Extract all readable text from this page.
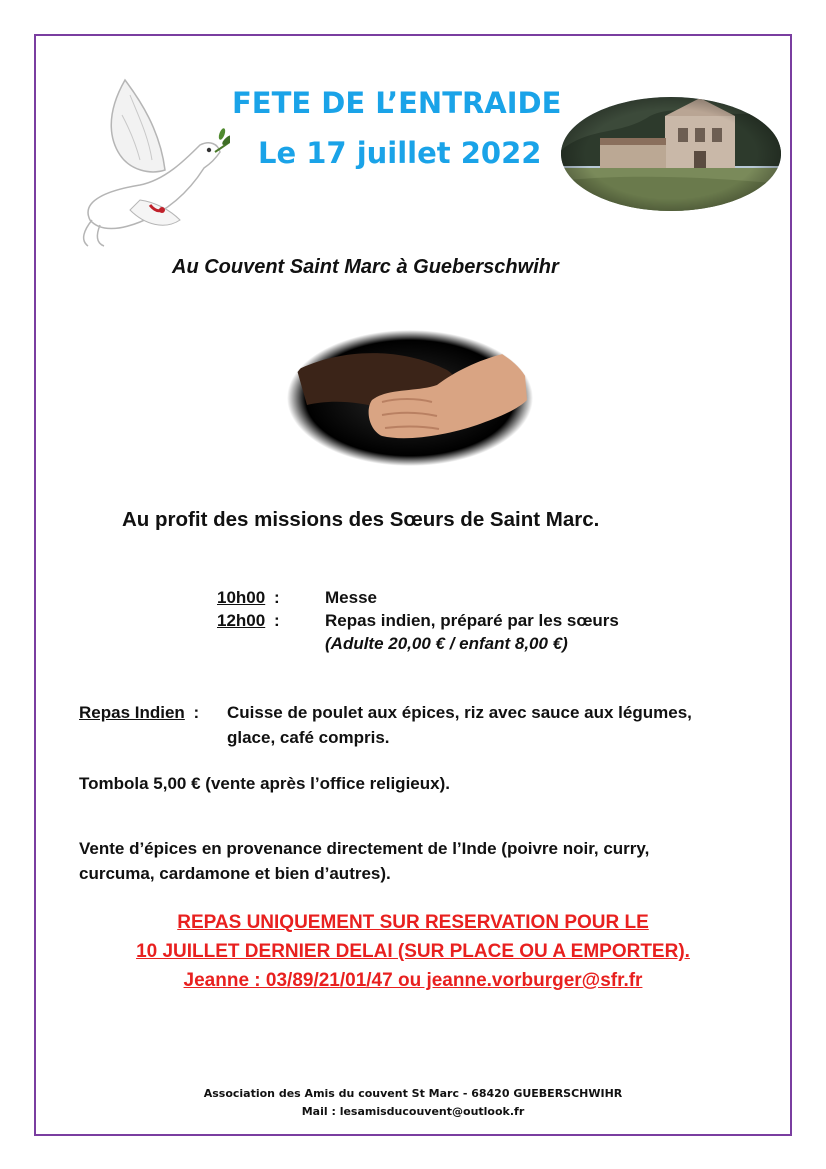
FETE DE L’ENTRAIDE
Le 17 juillet 2022
Au Couvent Saint Marc à Gueberschwihr
Au profit des missions des Sœurs de Saint Marc.
10h00 :	Messe
12h00 :	Repas indien, préparé par les sœurs
(Adulte 20,00 € / enfant 8,00 €)
Repas Indien : Cuisse de poulet aux épices, riz avec sauce aux légumes,
glace, café compris.
Tombola 5,00 € (vente après l’office religieux).
Vente d’épices en provenance directement de l’Inde (poivre noir, curry,
curcuma, cardamone et bien d’autres).
REPAS UNIQUEMENT SUR RESERVATION POUR LE
10 JUILLET DERNIER DELAI (SUR PLACE OU A EMPORTER).
Jeanne : 03/89/21/01/47 ou jeanne.vorburger@sfr.fr
Association des Amis du couvent St Marc - 68420 GUEBERSCHWIHR
Mail : lesamisducouvent@outlook.fr
